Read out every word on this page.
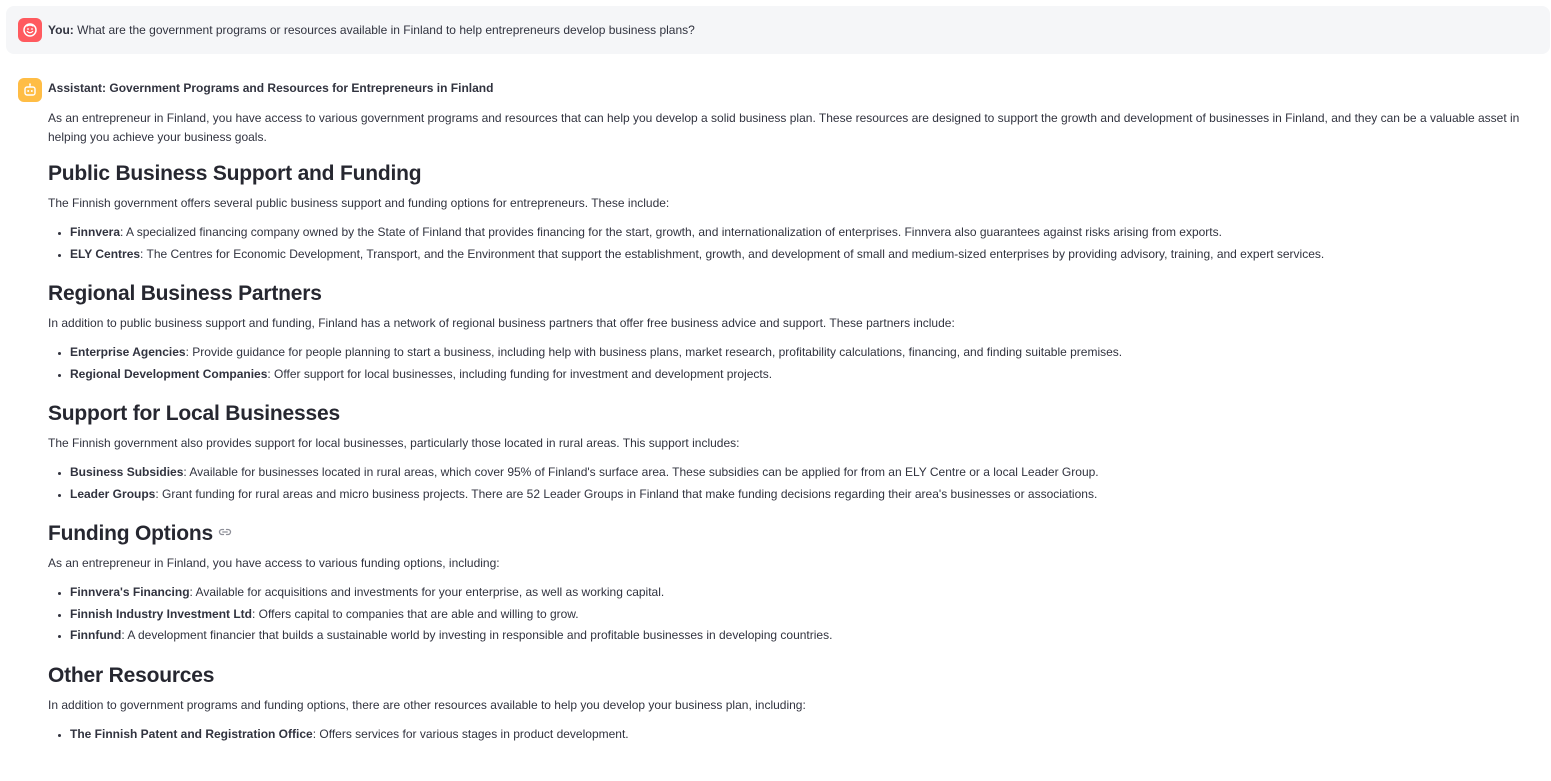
You: What are the government programs or resources available in Finland to help entrepreneurs develop business plans?
Assistant: Government Programs and Resources for Entrepreneurs in Finland

As an entrepreneur in Finland, you have access to various government programs and resources that can help you develop a solid business plan. These resources are designed to support the growth and development of businesses in Finland, and they can be a valuable asset in helping you achieve your business goals.

Public Business Support and Funding

The Finnish government offers several public business support and funding options for entrepreneurs. These include:

• Finnvera: A specialized financing company owned by the State of Finland that provides financing for the start, growth, and internationalization of enterprises. Finnvera also guarantees against risks arising from exports.
• ELY Centres: The Centres for Economic Development, Transport, and the Environment that support the establishment, growth, and development of small and medium-sized enterprises by providing advisory, training, and expert services.
Regional Business Partners

In addition to public business support and funding, Finland has a network of regional business partners that offer free business advice and support. These partners include:

• Enterprise Agencies: Provide guidance for people planning to start a business, including help with business plans, market research, profitability calculations, financing, and finding suitable premises.
• Regional Development Companies: Offer support for local businesses, including funding for investment and development projects.
Support for Local Businesses

The Finnish government also provides support for local businesses, particularly those located in rural areas. This support includes:

• Business Subsidies: Available for businesses located in rural areas, which cover 95% of Finland's surface area. These subsidies can be applied for from an ELY Centre or a local Leader Group.
• Leader Groups: Grant funding for rural areas and micro business projects. There are 52 Leader Groups in Finland that make funding decisions regarding their area's businesses or associations.
Funding Options

As an entrepreneur in Finland, you have access to various funding options, including:

• Finnvera's Financing: Available for acquisitions and investments for your enterprise, as well as working capital.
• Finnish Industry Investment Ltd: Offers capital to companies that are able and willing to grow.
• Finnfund: A development financier that builds a sustainable world by investing in responsible and profitable businesses in developing countries.
Other Resources

In addition to government programs and funding options, there are other resources available to help you develop your business plan, including:

• The Finnish Patent and Registration Office: Offers services for various stages in product development.
